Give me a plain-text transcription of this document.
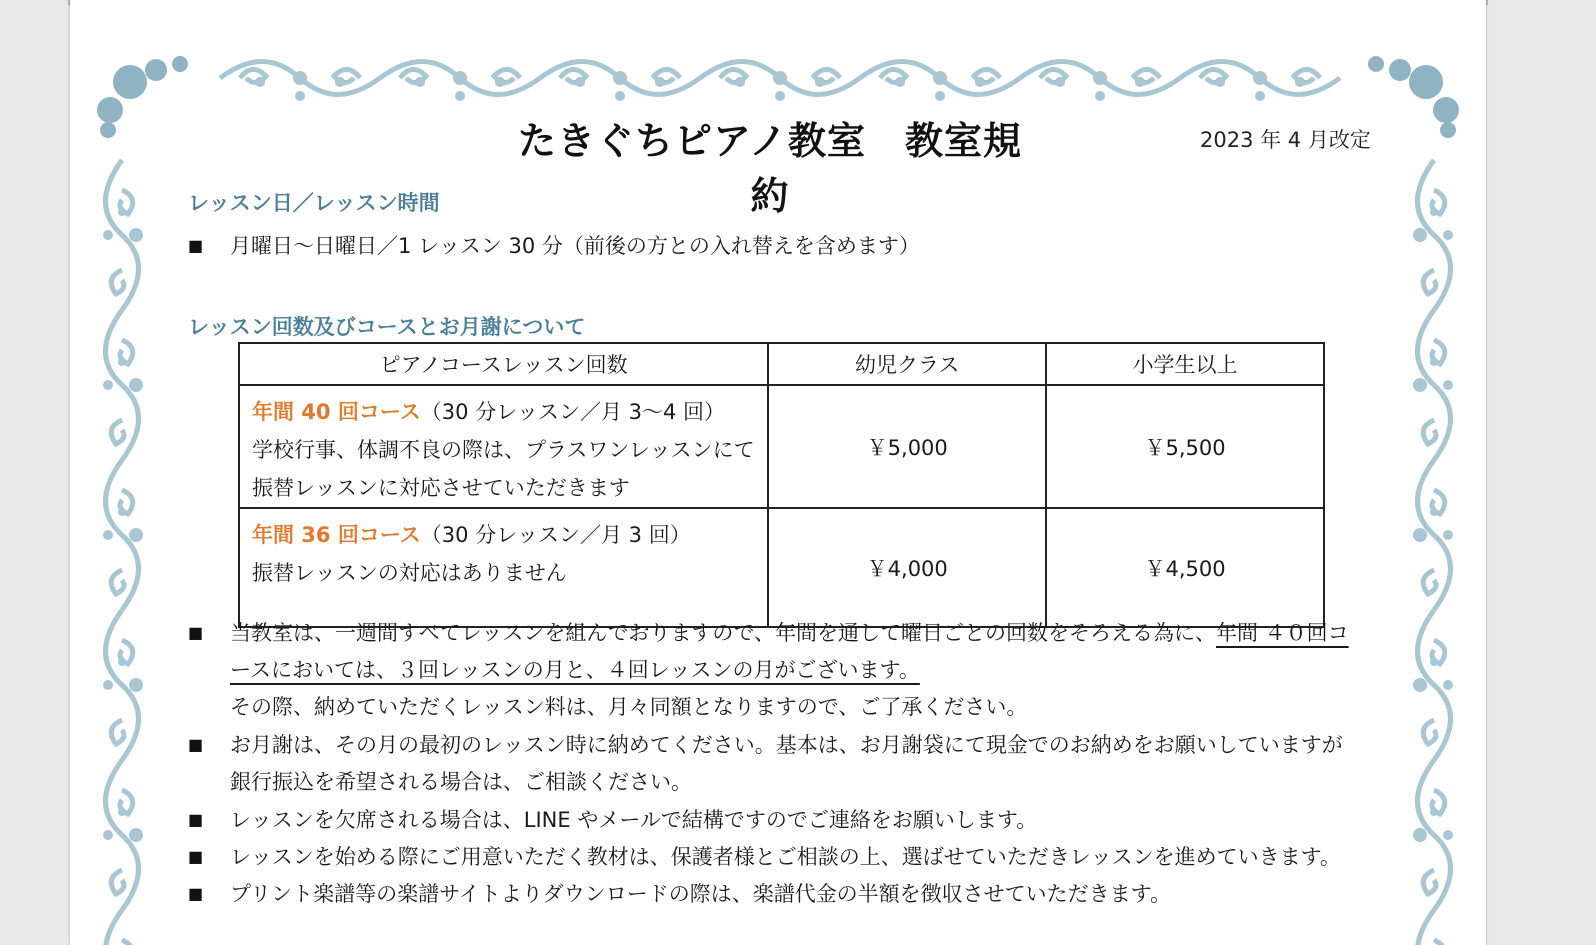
たきぐちピアノ教室　教室規約
2023 年 4 月改定
レッスン日／レッスン時間
■ 月曜日〜日曜日／1 レッスン 30 分（前後の方との入れ替えを含めます）
レッスン回数及びコースとお月謝について
ピアノコースレッスン回数	幼児クラス	小学生以上

年間 40 回コース（30 分レッスン／月 3〜4 回）
学校行事、体調不良の際は、プラスワンレッスンにて
振替レッスンに対応させていただきます	￥5,000	￥5,500

年間 36 回コース（30 分レッスン／月 3 回）
振替レッスンの対応はありません	￥4,000	￥4,500
■ 当教室は、一週間すべてレッスンを組んでおりますので、年間を通して曜日ごとの回数をそろえる為に、年間 ４０回コ
ースにおいては、３回レッスンの月と、４回レッスンの月がございます。
その際、納めていただくレッスン料は、月々同額となりますので、ご了承ください。
■ お月謝は、その月の最初のレッスン時に納めてください。基本は、お月謝袋にて現金でのお納めをお願いしていますが
銀行振込を希望される場合は、ご相談ください。
■ レッスンを欠席される場合は、LINE やメールで結構ですのでご連絡をお願いします。
■ レッスンを始める際にご用意いただく教材は、保護者様とご相談の上、選ばせていただきレッスンを進めていきます。
■ プリント楽譜等の楽譜サイトよりダウンロードの際は、楽譜代金の半額を徴収させていただきます。
